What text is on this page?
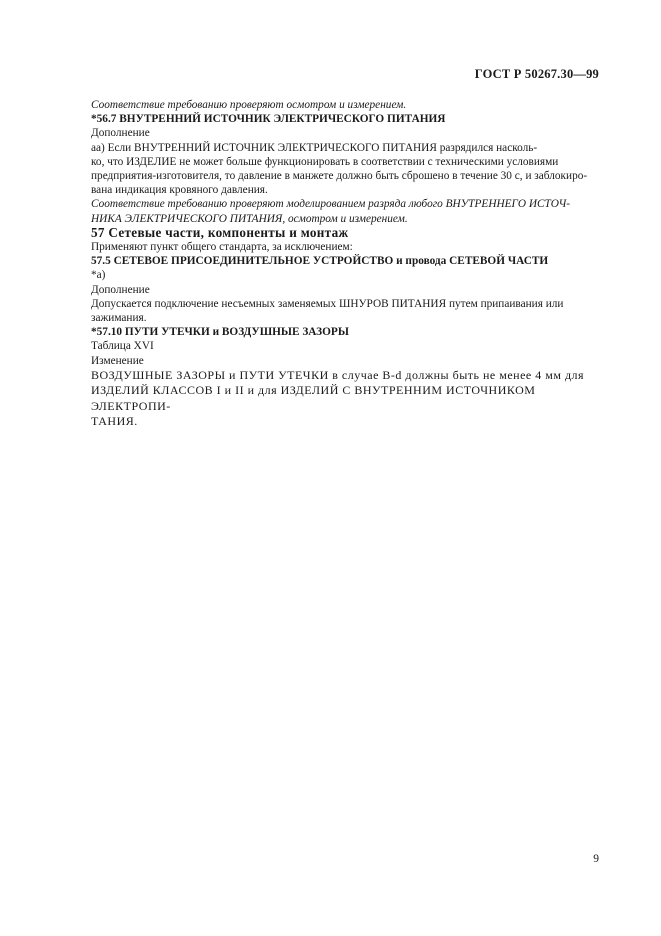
ГОСТ Р 50267.30—99

Соответствие требованию проверяют осмотром и измерением.

*56.7 ВНУТРЕННИЙ ИСТОЧНИК ЭЛЕКТРИЧЕСКОГО ПИТАНИЯ

Дополнение

аа) Если ВНУТРЕННИЙ ИСТОЧНИК ЭЛЕКТРИЧЕСКОГО ПИТАНИЯ разрядился насколь-
ко, что ИЗДЕЛИЕ не может больше функционировать в соответствии с техническими условиями
предприятия-изготовителя, то давление в манжете должно быть сброшено в течение 30 с, и заблокиро-
вана индикация кровяного давления.

Соответствие требованию проверяют моделированием разряда любого ВНУТРЕННЕГО ИСТОЧ-
НИКА ЭЛЕКТРИЧЕСКОГО ПИТАНИЯ, осмотром и измерением.

57 Сетевые части, компоненты и монтаж

Применяют пункт общего стандарта, за исключением:

57.5 СЕТЕВОЕ ПРИСОЕДИНИТЕЛЬНОЕ УСТРОЙСТВО и провода СЕТЕВОЙ ЧАСТИ

*а)

Дополнение

Допускается подключение несъемных заменяемых ШНУРОВ ПИТАНИЯ путем припаивания или
зажимания.

*57.10 ПУТИ УТЕЧКИ и ВОЗДУШНЫЕ ЗАЗОРЫ

Таблица XVI

Изменение

ВОЗДУШНЫЕ ЗАЗОРЫ и ПУТИ УТЕЧКИ в случае В-d должны быть не менее 4 мм для
ИЗДЕЛИЙ КЛАССОВ I и II и для ИЗДЕЛИЙ С ВНУТРЕННИМ ИСТОЧНИКОМ ЭЛЕКТРОПИ-
ТАНИЯ.

9
